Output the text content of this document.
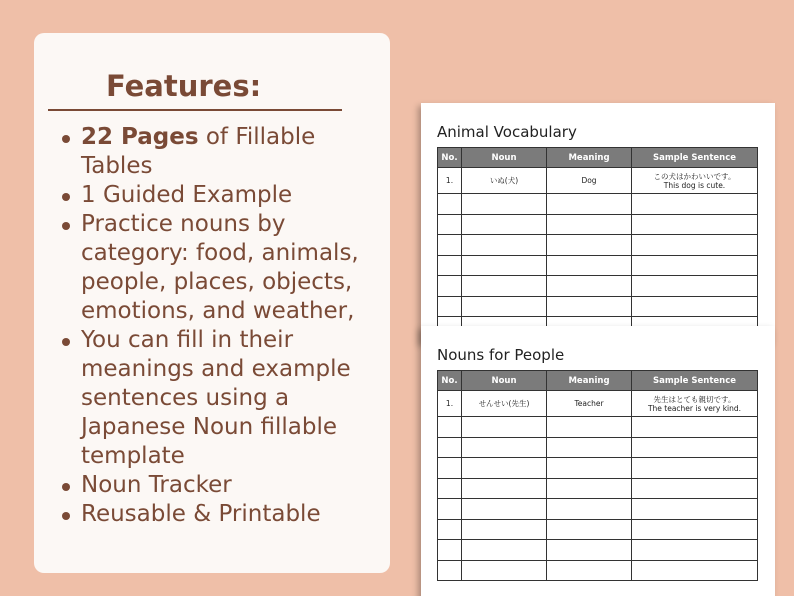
Features:
22 Pages of Fillable Tables
1 Guided Example
Practice nouns by category: food, animals, people, places, objects, emotions, and weather,
You can fill in their meanings and example sentences using a Japanese Noun fillable template
Noun Tracker
Reusable & Printable
Animal Vocabulary
No.	Noun	Meaning	Sample Sentence
1.	いぬ(犬)	Dog	この犬はかわいいです。
This dog is cute.

Nouns for People
No.	Noun	Meaning	Sample Sentence
1.	せんせい(先生)	Teacher	先生はとても親切です。
The teacher is very kind.
